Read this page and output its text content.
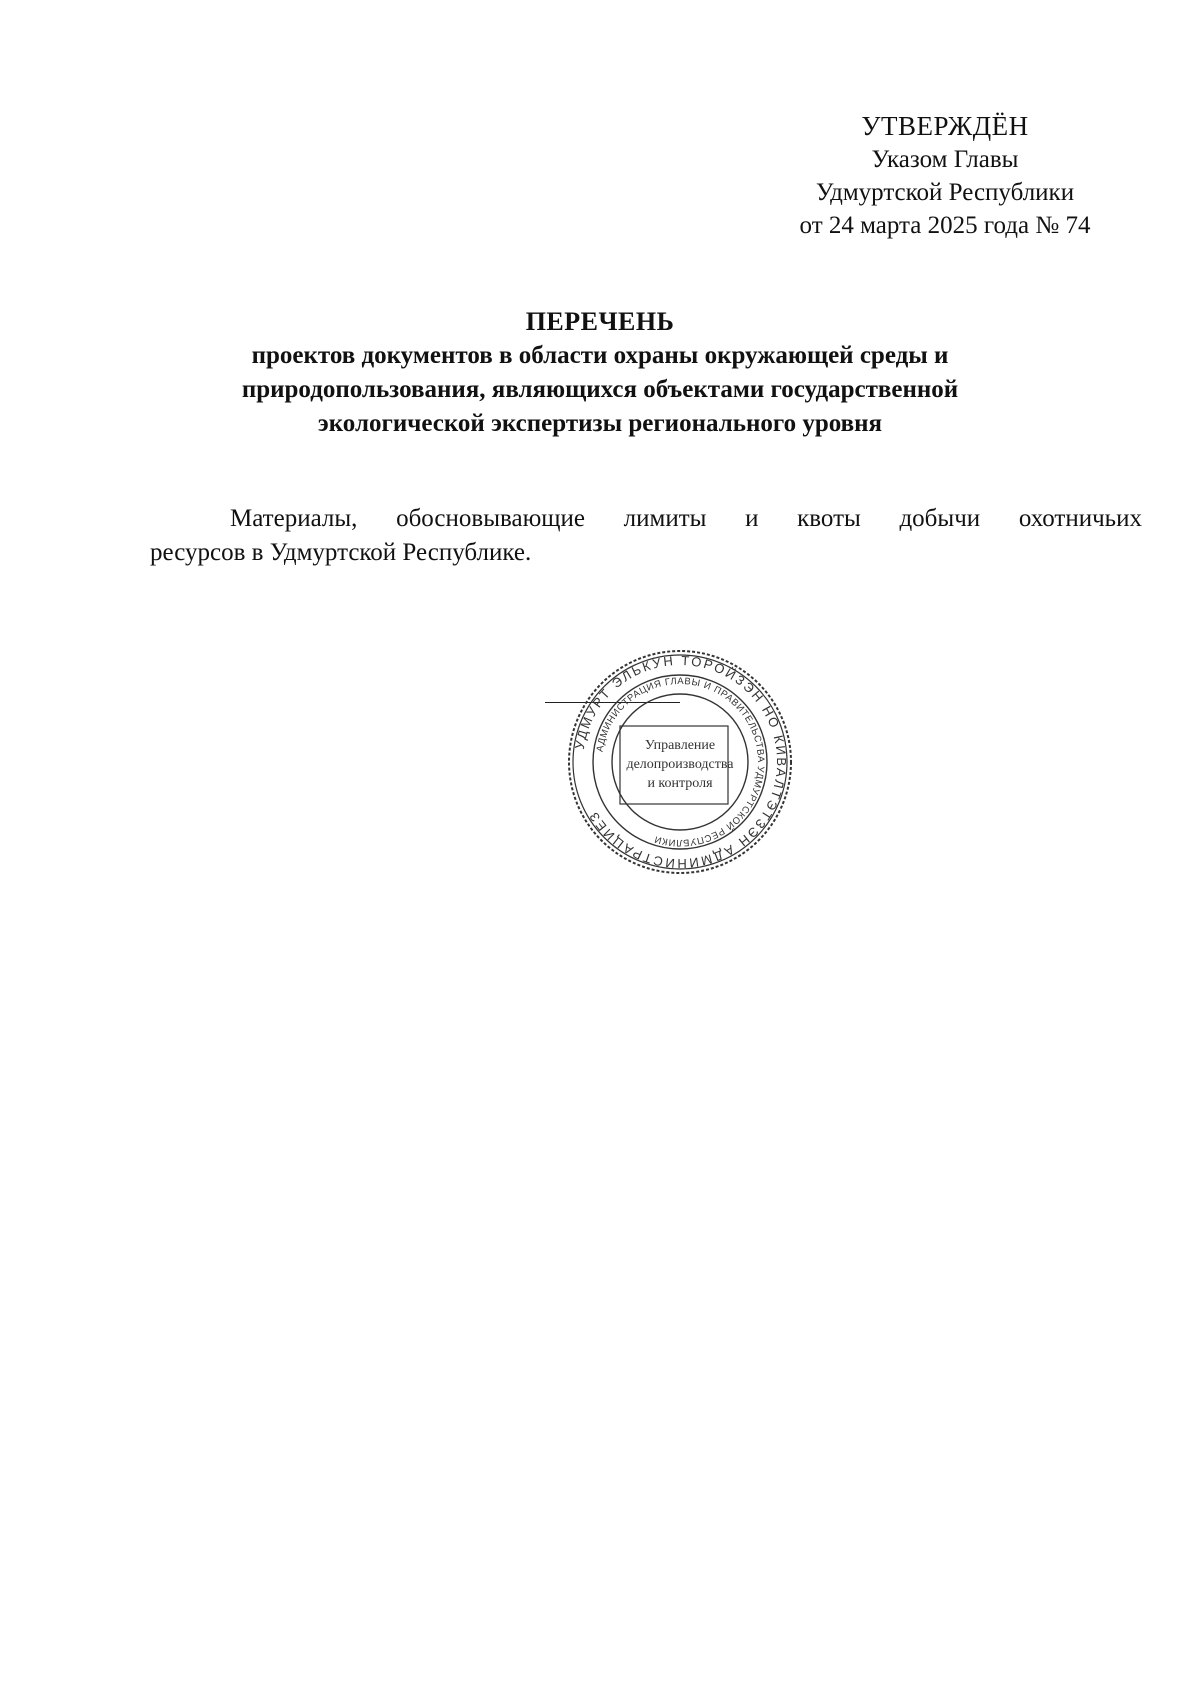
УТВЕРЖДЁН
Указом Главы
Удмуртской Республики
от 24 марта 2025 года № 74
ПЕРЕЧЕНЬ
проектов документов в области охраны окружающей среды и
природопользования, являющихся объектами государственной
экологической экспертизы регионального уровня
Материалы, обосновывающие лимиты и квоты добычи охотничьих
ресурсов в Удмуртской Республике.
УДМУРТ ЭЛЬКУН ТОРОЙЗЭН НО КИВАЛТЭТЗЭН АДМИНИСТРАЦИЕЗ
АДМИНИСТРАЦИЯ ГЛАВЫ И ПРАВИТЕЛЬСТВА УДМУРТСКОЙ РЕСПУБЛИКИ
Управление
делопроизводства
и контроля
